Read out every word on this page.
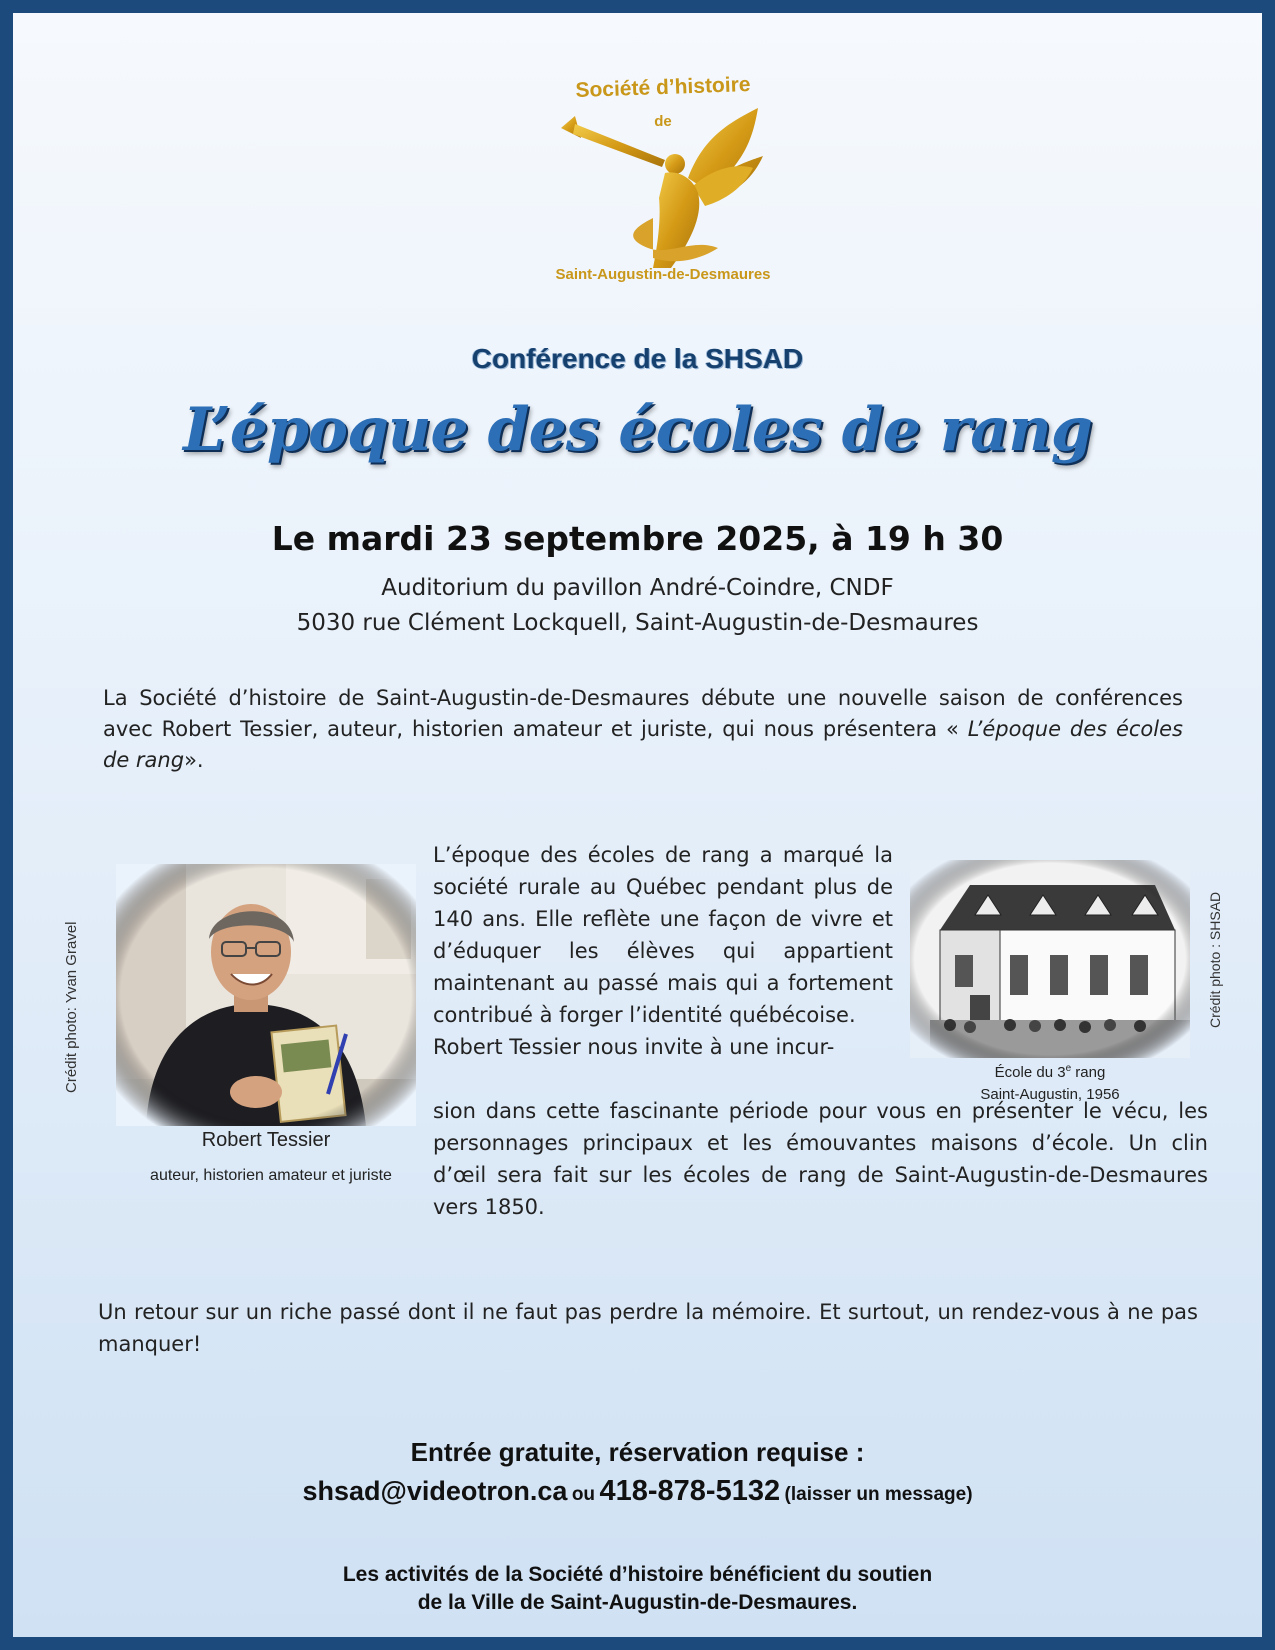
Société d’histoire
de
Saint-Augustin-de-Desmaures
Conférence de la SHSAD
L’époque des écoles de rang
Le mardi 23 septembre 2025, à 19 h 30
Auditorium du pavillon André-Coindre, CNDF
5030 rue Clément Lockquell, Saint-Augustin-de-Desmaures
La Société d’histoire de Saint-Augustin-de-Desmaures débute une nouvelle saison de conférences avec Robert Tessier, auteur, historien amateur et juriste, qui nous présentera « L’époque des écoles de rang».
Crédit photo: Yvan Gravel
Robert Tessier
auteur, historien amateur et juriste
L’époque des écoles de rang a marqué la société rurale au Québec pendant plus de 140 ans. Elle reflète une façon de vivre et d’éduquer les élèves qui appartient maintenant au passé mais qui a fortement contribué à forger l’identité québécoise.
Robert Tessier nous invite à une incur-
sion dans cette fascinante période pour vous en présenter le vécu, les personnages principaux et les émouvantes maisons d’école. Un clin d’œil sera fait sur les écoles de rang de Saint-Augustin-de-Desmaures vers 1850.
Crédit photo : SHSAD
École du 3e rang
Saint-Augustin, 1956
Un retour sur un riche passé dont il ne faut pas perdre la mémoire. Et surtout, un rendez-vous à ne pas manquer!
Entrée gratuite, réservation requise :
shsad@videotron.ca ou 418-878-5132 (laisser un message)
Les activités de la Société d’histoire bénéficient du soutien
de la Ville de Saint-Augustin-de-Desmaures.
